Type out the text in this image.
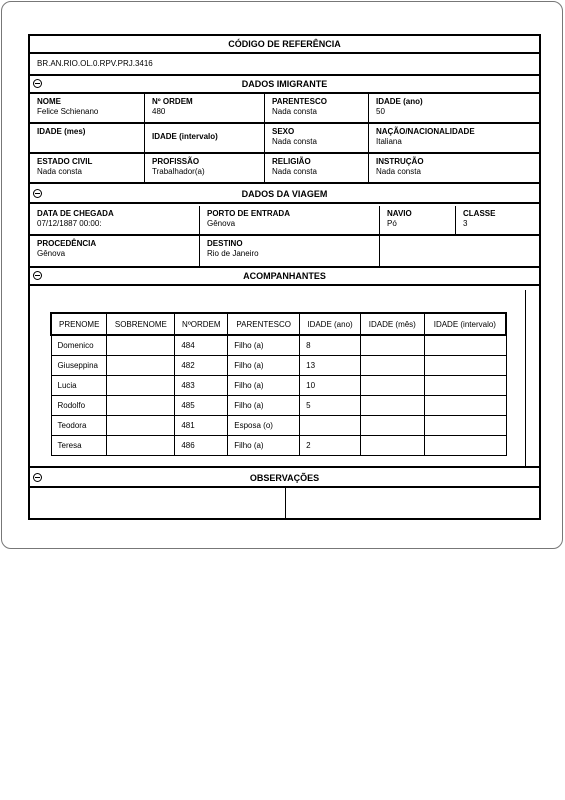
CÓDIGO DE REFERÊNCIA
BR.AN.RIO.OL.0.RPV.PRJ.3416
DADOS IMIGRANTE
NOME
Felice Schienano
Nº ORDEM
480
PARENTESCO
Nada consta
IDADE (ano)
50
IDADE (mes)
IDADE (intervalo)
SEXO
Nada consta
NAÇÃO/NACIONALIDADE
Italiana
ESTADO CIVIL
Nada consta
PROFISSÃO
Trabalhador(a)
RELIGIÃO
Nada consta
INSTRUÇÃO
Nada consta
DADOS DA VIAGEM
DATA DE CHEGADA
07/12/1887 00:00:
PORTO DE ENTRADA
Gênova
NAVIO
Pó
CLASSE
3
PROCEDÊNCIA
Gênova
DESTINO
Rio de Janeiro
ACOMPANHANTES
PRENOME	SOBRENOME	NºORDEM	PARENTESCO	IDADE (ano)	IDADE (mês)	IDADE (intervalo)
Domenico		484	Filho (a)	8		
Giuseppina		482	Filho (a)	13		
Lucia		483	Filho (a)	10		
Rodolfo		485	Filho (a)	5		
Teodora		481	Esposa (o)			
Teresa		486	Filho (a)	2		
OBSERVAÇÕES
